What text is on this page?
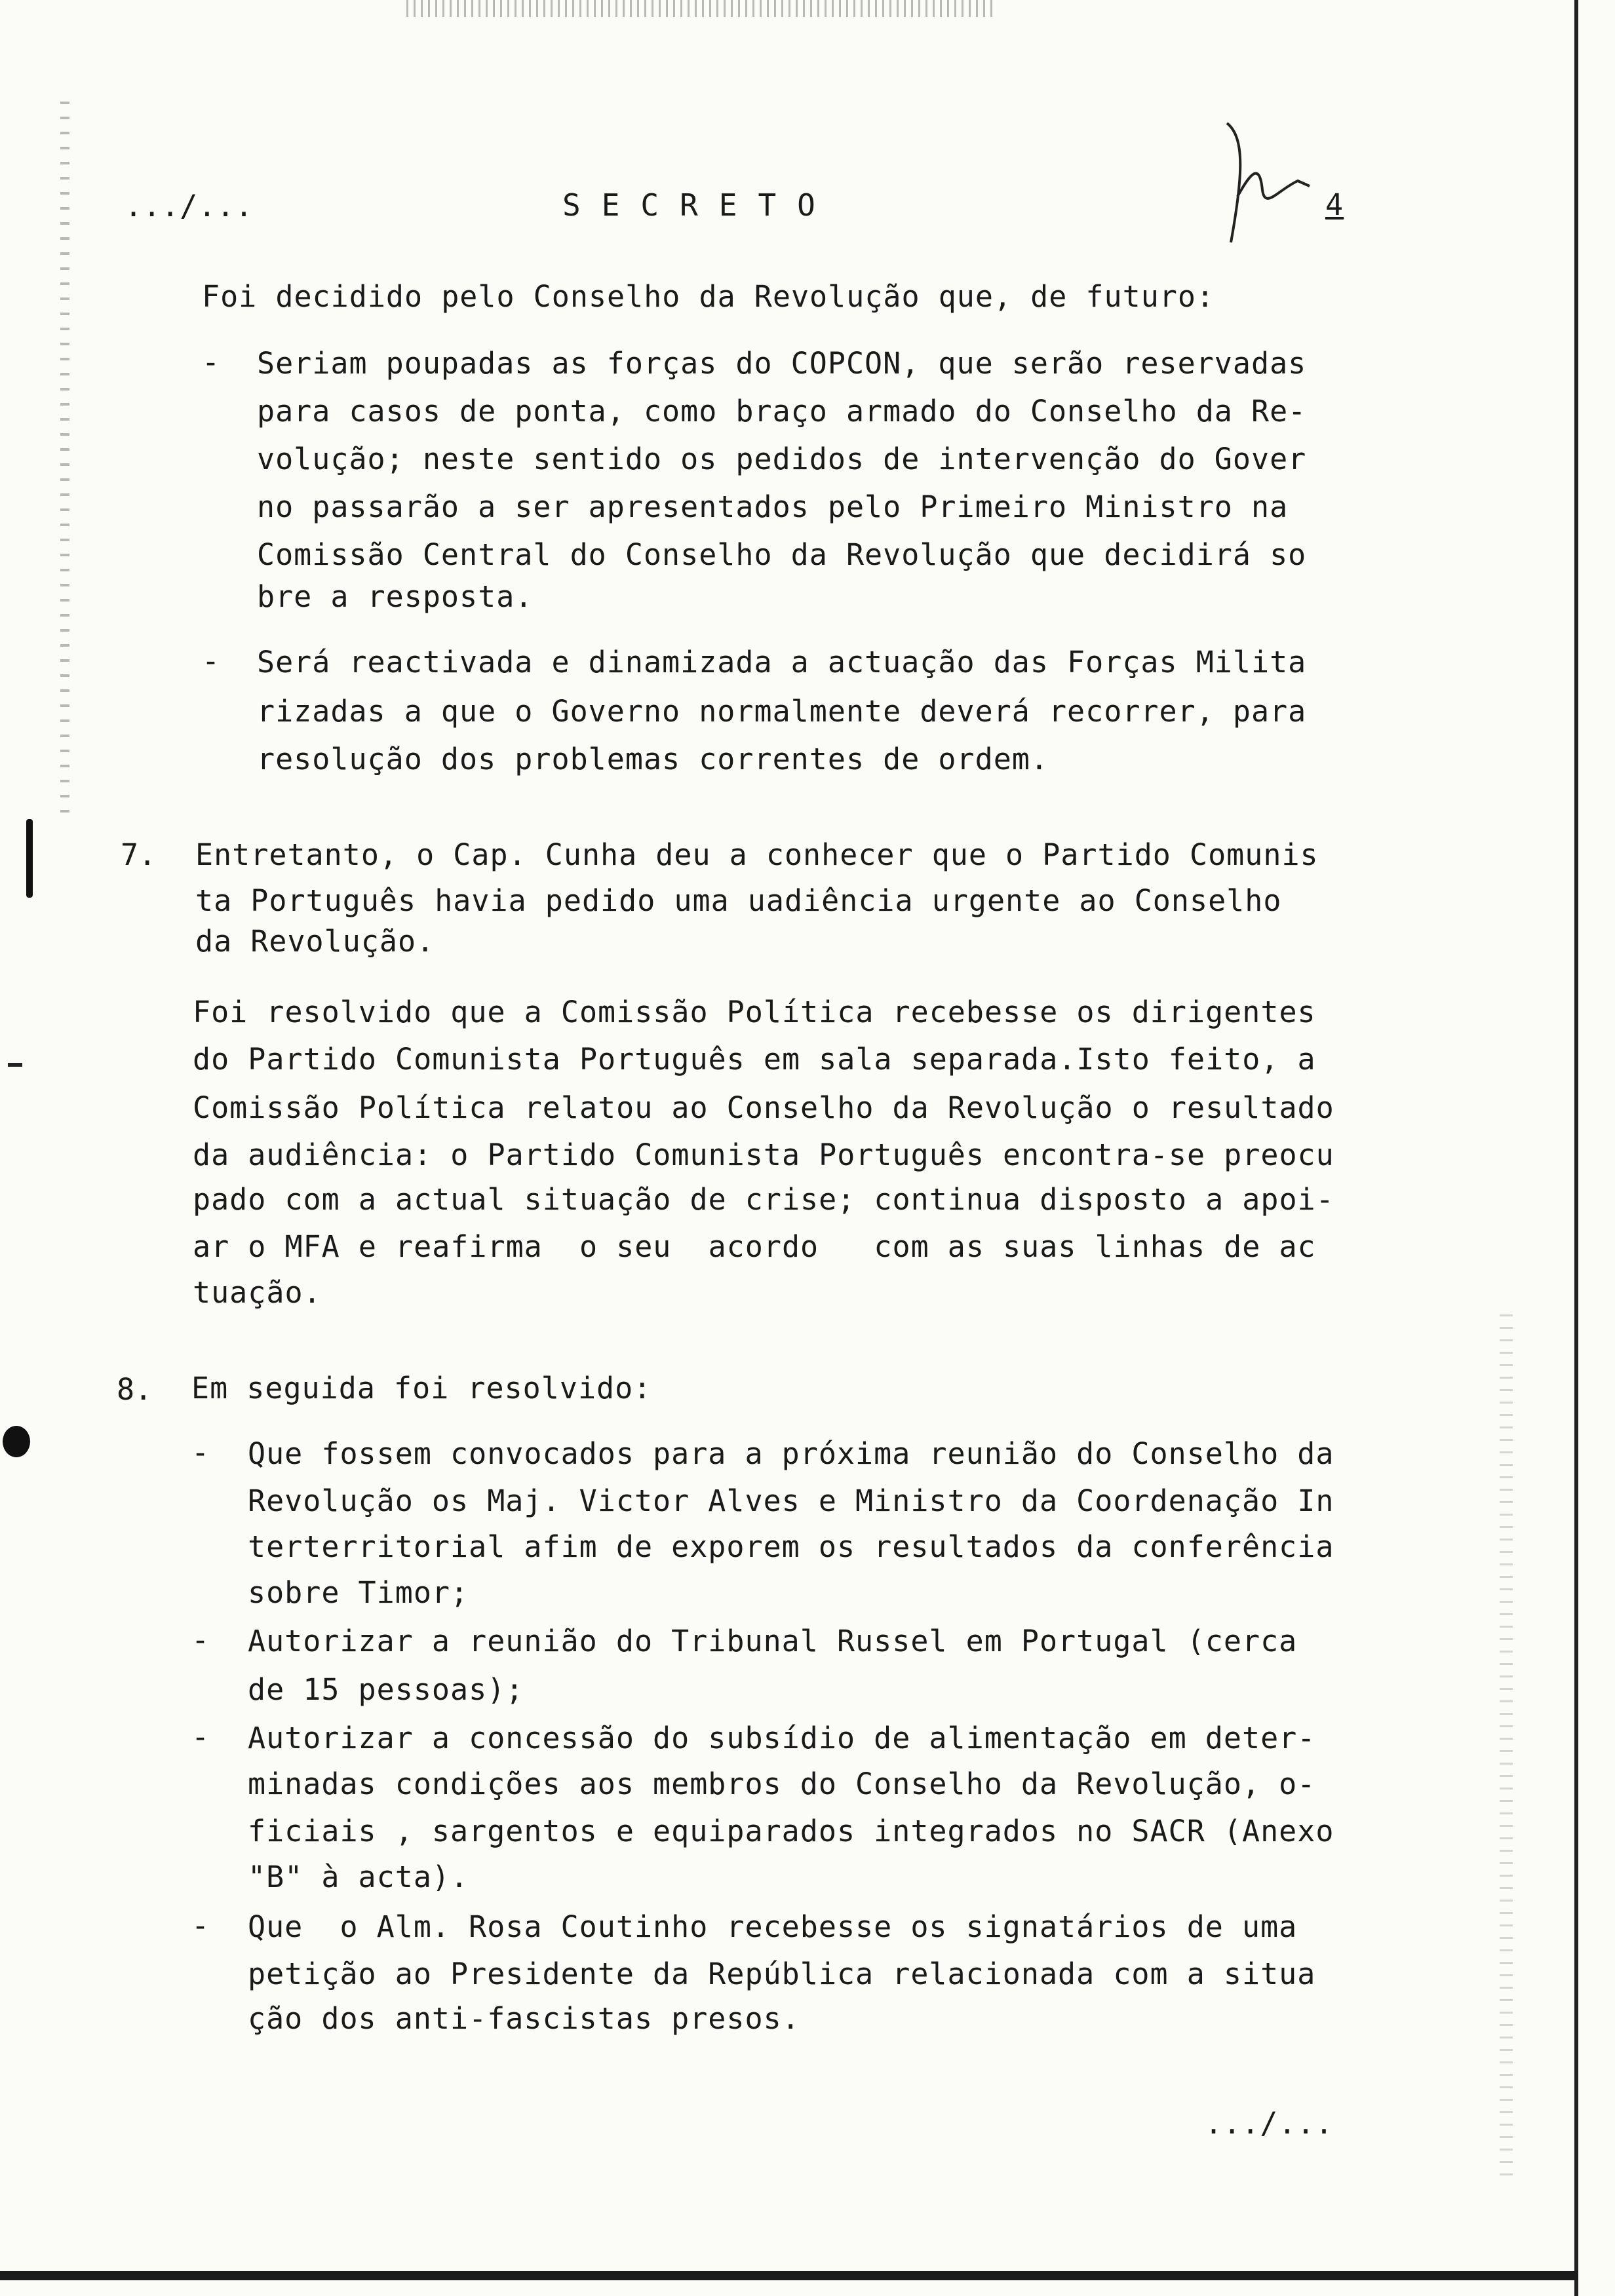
.../...	SECRETO	4
Foi decidido pelo Conselho da Revolução que, de futuro:
- Seriam poupadas as forças do COPCON, que serão reservadas
para casos de ponta, como braço armado do Conselho da Re-
volução; neste sentido os pedidos de intervenção do Gover
no passarão a ser apresentados pelo Primeiro Ministro na
Comissão Central do Conselho da Revolução que decidirá so
bre a resposta.
- Será reactivada e dinamizada a actuação das Forças Milita
rizadas a que o Governo normalmente deverá recorrer, para
resolução dos problemas correntes de ordem.
7. Entretanto, o Cap. Cunha deu a conhecer que o Partido Comunis
ta Português havia pedido uma uadiência urgente ao Conselho
da Revolução.
Foi resolvido que a Comissão Política recebesse os dirigentes
do Partido Comunista Português em sala separada.Isto feito, a
Comissão Política relatou ao Conselho da Revolução o resultado
da audiência: o Partido Comunista Português encontra-se preocu
pado com a actual situação de crise; continua disposto a apoi-
ar o MFA e reafirma  o seu  acordo   com as suas linhas de ac
tuação.
8. Em seguida foi resolvido:
- Que fossem convocados para a próxima reunião do Conselho da
Revolução os Maj. Victor Alves e Ministro da Coordenação In
terterritorial afim de exporem os resultados da conferência
sobre Timor;
- Autorizar a reunião do Tribunal Russel em Portugal (cerca
de 15 pessoas);
- Autorizar a concessão do subsídio de alimentação em deter-
minadas condições aos membros do Conselho da Revolução, o-
ficiais , sargentos e equiparados integrados no SACR (Anexo
"B" à acta).
- Que  o Alm. Rosa Coutinho recebesse os signatários de uma
petição ao Presidente da República relacionada com a situa
ção dos anti-fascistas presos.
.../...
